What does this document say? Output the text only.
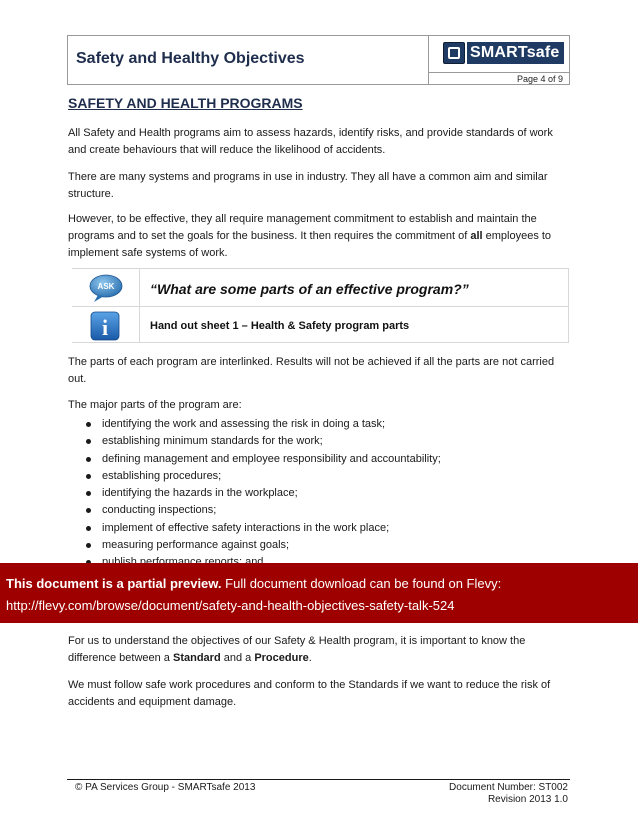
Safety and Healthy Objectives	SMARTsafe
Page 4 of 9
SAFETY AND HEALTH PROGRAMS
All Safety and Health programs aim to assess hazards, identify risks, and provide standards of work and create behaviours that will reduce the likelihood of accidents.
There are many systems and programs in use in industry. They all have a common aim and similar structure.
However, to be effective, they all require management commitment to establish and maintain the programs and to set the goals for the business. It then requires the commitment of all employees to implement safe systems of work.
ASK
i
“What are some parts of an effective program?”
Hand out sheet 1 – Health & Safety program parts
The parts of each program are interlinked. Results will not be achieved if all the parts are not carried out.
The major parts of the program are:
identifying the work and assessing the risk in doing a task;
establishing minimum standards for the work;
defining management and employee responsibility and accountability;
establishing procedures;
identifying the hazards in the workplace;
conducting inspections;
implement of effective safety interactions in the work place;
measuring performance against goals;
This document is a partial preview. Full document download can be found on Flevy:
http://flevy.com/browse/document/safety-and-health-objectives-safety-talk-524
For us to understand the objectives of our Safety & Health program, it is important to know the difference between a Standard and a Procedure.
We must follow safe work procedures and conform to the Standards if we want to reduce the risk of accidents and equipment damage.
© PA Services Group - SMARTsafe 2013	Document Number: ST002
Revision 2013 1.0
